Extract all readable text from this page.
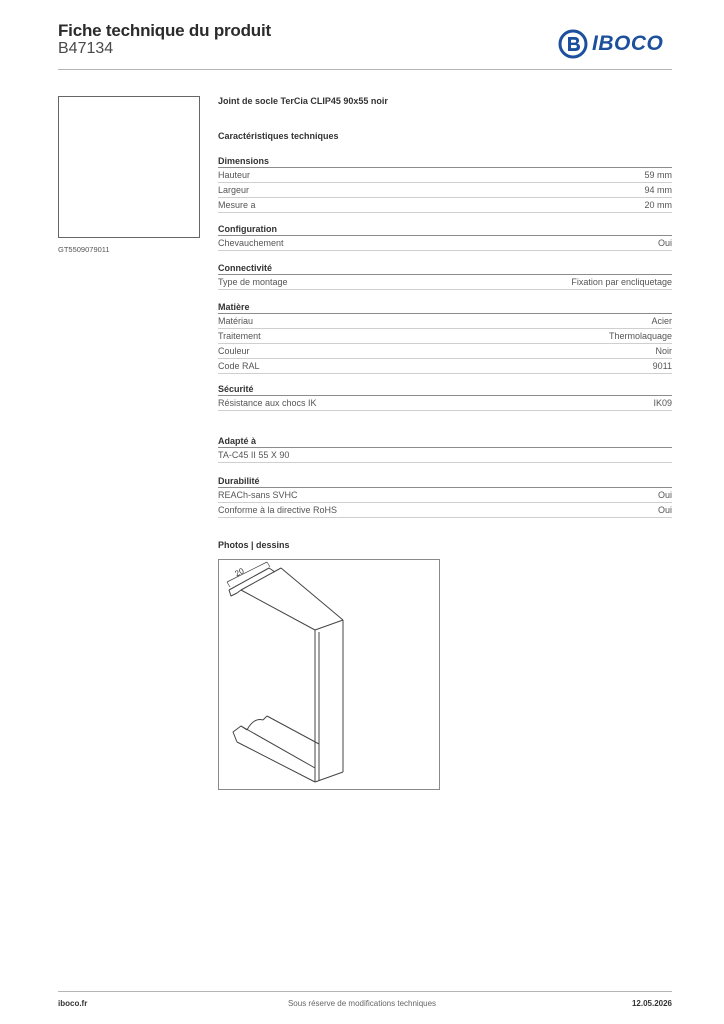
Fiche technique du produit
B47134	IBOCO
GT5509079011
Joint de socle TerCia CLIP45 90x55 noir
Caractéristiques techniques
Dimensions
Hauteur	59 mm
Largeur	94 mm
Mesure a	20 mm
Configuration
Chevauchement	Oui
Connectivité
Type de montage	Fixation par encliquetage
Matière
Matériau	Acier
Traitement	Thermolaquage
Couleur	Noir
Code RAL	9011
Sécurité
Résistance aux chocs IK	IK09
Adapté à
TA-C45 II 55 X 90
Durabilité
REACh-sans SVHC	Oui
Conforme à la directive RoHS	Oui
Photos | dessins
20
iboco.fr	Sous réserve de modifications techniques	12.05.2026
